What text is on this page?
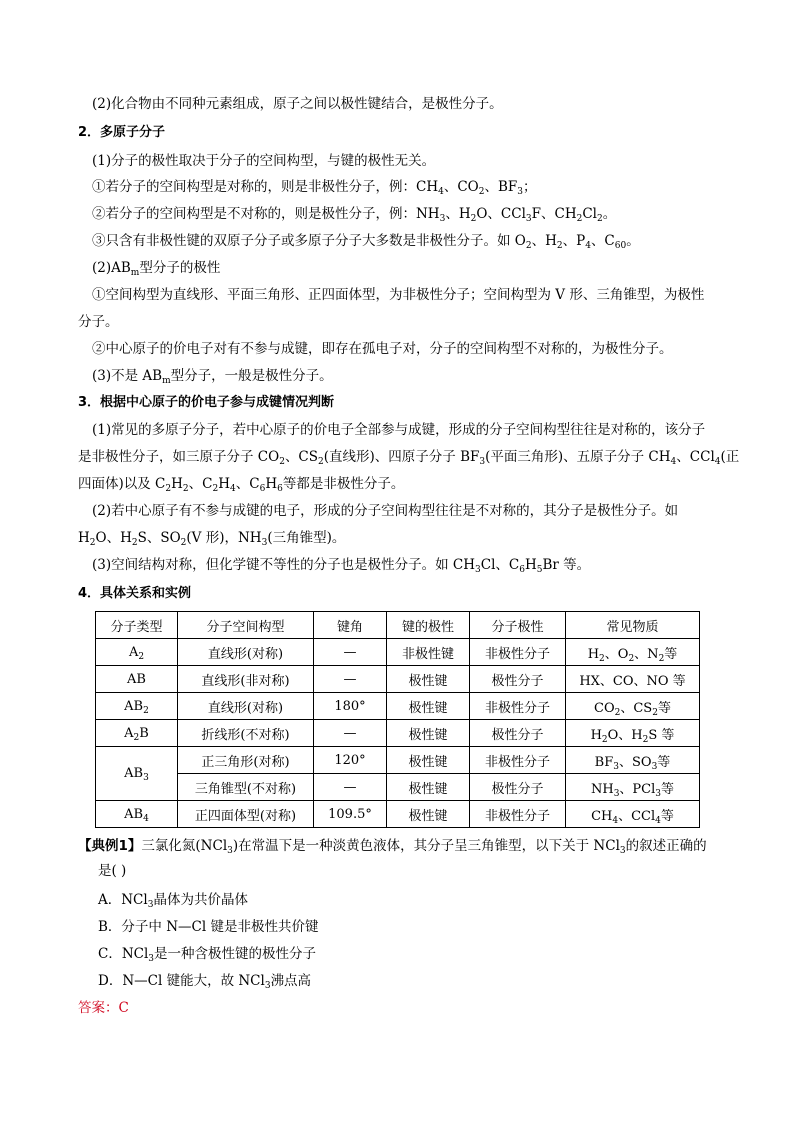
(2)化合物由不同种元素组成，原子之间以极性键结合，是极性分子。
2．多原子分子
(1)分子的极性取决于分子的空间构型，与键的极性无关。
①若分子的空间构型是对称的，则是非极性分子，例：$CH_4$、$CO_2$、$BF_3$；
②若分子的空间构型是不对称的，则是极性分子，例：$NH_3$、$H_2O$、CCl$_3$F、$CH_2Cl_2$。
③只含有非极性键的双原子分子或多原子分子大多数是非极性分子。如 $O_2$、$H_2$、$P_4$、$C_{60}$。
$(2)AB_m$型分子的极性
①空间构型为直线形、平面三角形、正四面体型，为非极性分子；空间构型为 V 形、三角锥型，为极性
分子。
②中心原子的价电子对有不参与成键，即存在孤电子对，分子的空间构型不对称的，为极性分子。
(3)不是 $AB_m$型分子，一般是极性分子。
3．根据中心原子的价电子参与成键情况判断
(1)常见的多原子分子，若中心原子的价电子全部参与成键，形成的分子空间构型往往是对称的，该分子
是非极性分子，如三原子分子 $CO_2$、$CS_2$(直线形)、四原子分子 $BF_3$(平面三角形)、五原子分子 $CH_4$、CCl$_4$(正
四面体)以及 $C_2H_2$、$C_2H_4$、$C_6H_6$等都是非极性分子。
(2)若中心原子有不参与成键的电子，形成的分子空间构型往往是不对称的，其分子是极性分子。如
$H_2O$、$H_2S$、$SO_2(V$ 形)，$NH_3$(三角锥型)。
(3)空间结构对称，但化学键不等性的分子也是极性分子。如 $CH_3Cl$、$C_6H_5Br$ 等。
4．具体关系和实例
分子类型	分子空间构型	键角	键的极性	分子极性	常见物质
$A_2$	直线形(对称)	—	非极性键	非极性分子	$H_2$、$O_2$、$N_2$等
AB	直线形(非对称)	—	极性键	极性分子	HX、CO、NO 等
$AB_2$	直线形(对称)	180°	极性键	非极性分子	$CO_2$、$CS_2$等
$A_2B$	折线形(不对称)	—	极性键	极性分子	$H_2O$、$H_2S$ 等
$AB_3$	正三角形(对称)	120°	极性键	非极性分子	$BF_3$、$SO_3$等
	三角锥型(不对称)	—	极性键	极性分子	$NH_3$、PCl$_3$等
$AB_4$	正四面体型(对称)	109.5°	极性键	非极性分子	$CH_4$、CCl$_4$等
【典例1】三氯化氮(NCl$_3$)在常温下是一种淡黄色液体，其分子呈三角锥型，以下关于 NCl$_3$的叙述正确的
是( )
A．NCl$_3$晶体为共价晶体
B．分子中 N—Cl 键是非极性共价键
C．NCl$_3$是一种含极性键的极性分子
D．N—Cl 键能大，故 NCl$_3$沸点高
答案：C
